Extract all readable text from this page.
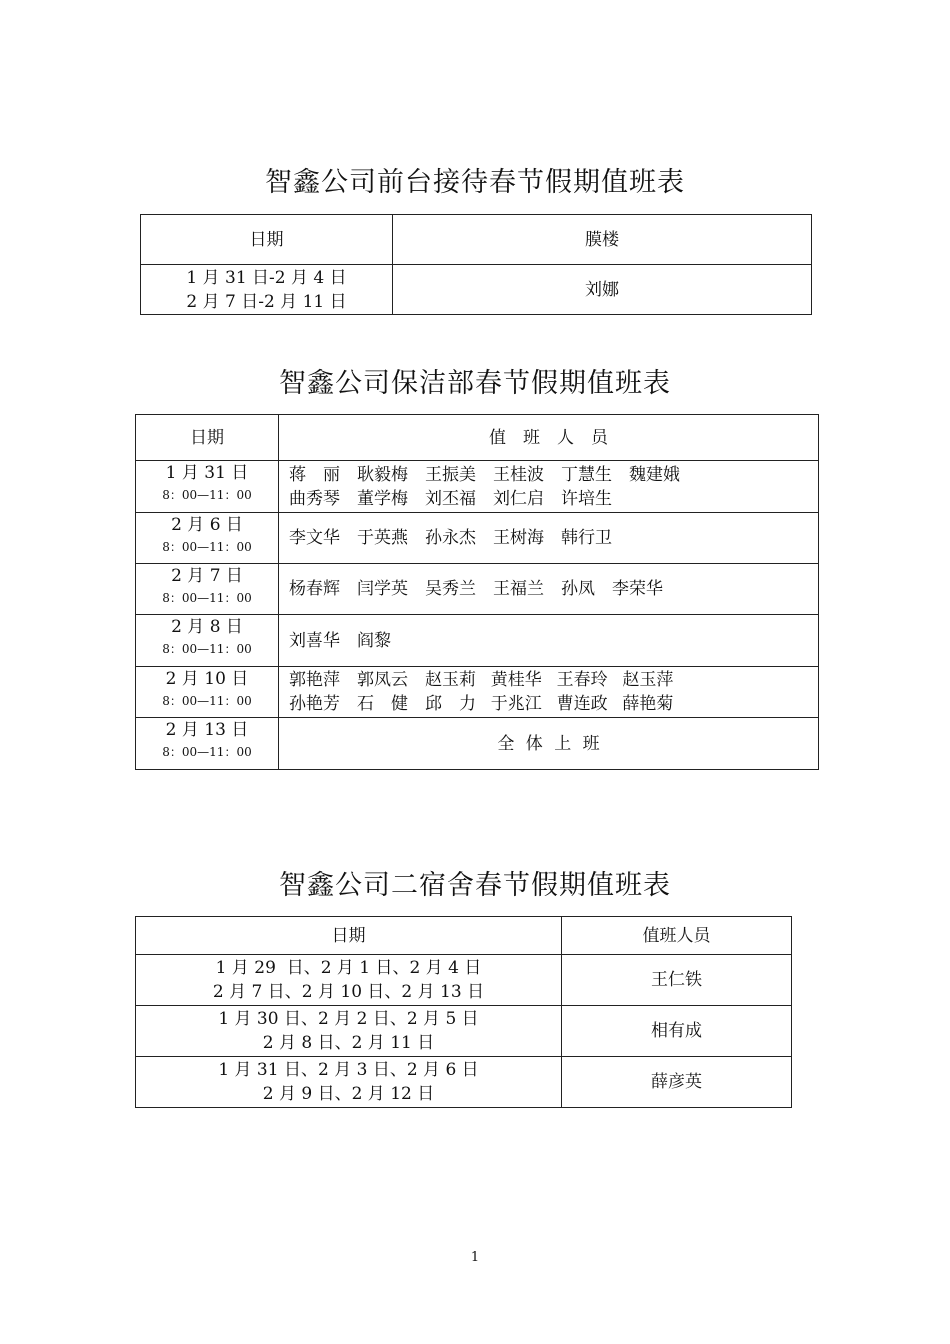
智鑫公司前台接待春节假期值班表
日期	膜楼

1 月 31 日-2 月 4 日
2 月 7 日-2 月 11 日	刘娜
智鑫公司保洁部春节假期值班表
日期	值　班　人　员

1 月 31 日
8：00—11：00	蒋　丽　耿毅梅　王振美　王桂波　丁慧生　魏建娥
曲秀琴　董学梅　刘丕福　刘仁启　许培生

2 月 6 日
8：00—11：00	李文华　于英燕　孙永杰　王树海　韩行卫

2 月 7 日
8：00—11：00	杨春辉　闫学英　吴秀兰　王福兰　孙凤　李荣华

2 月 8 日
8：00—11：00	刘喜华　阎黎

2 月 10 日
8：00—11：00	郭艳萍　郭凤云　赵玉莉  黄桂华  王春玲  赵玉萍
孙艳芳　石　健　邱　力  于兆江  曹连政  薛艳菊

2 月 13 日
8：00—11：00	全 体 上 班
智鑫公司二宿舍春节假期值班表
日期	值班人员

1 月 29  日、2 月 1 日、2 月 4 日
2 月 7 日、2 月 10 日、2 月 13 日	王仁铁

1 月 30 日、2 月 2 日、2 月 5 日
2 月 8 日、2 月 11 日	相有成

1 月 31 日、2 月 3 日、2 月 6 日
2 月 9 日、2 月 12 日	薛彦英
1
